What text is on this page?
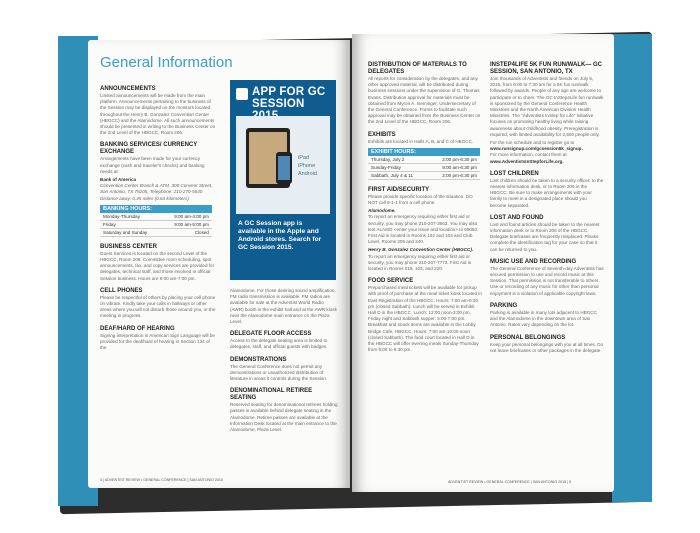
General Information
ANNOUNCEMENTS
Limited announcements will be made from the main platform. Announcements pertaining to the business of the Session may be displayed on the monitors located throughout the Henry B. Gonzalez Convention Center (HBGCC) and the Alamodome. All such announcements should be presented in writing to the Business Center on the 2nd Level of the HBGCC, Room 206.
BANKING SERVICES/ CURRENCY EXCHANGE
Arrangements have been made for your currency exchange (cash and traveler's checks) and banking needs at:
Bank of America
Convention Center Branch & ATM, 300 Convent Street, San Antonio, TX 78205, Telephone: 210-270-5540
Distance away: 0.45 miles (0.64 kilometers)
BANKING HOURS:
Monday-Thursday	9:00 am-4:00 pm
Friday	9:00 am-5:00 pm
Saturday and Sunday	Closed
BUSINESS CENTER
Guest Services is located on the second Level of the HBGCC, Room 206. Committee room scheduling, spot announcements, fax, and copy services are provided for delegates, technical staff, and those involved in official Session business. Hours are 9:00 am-7:00 pm.
CELL PHONES
Please be respectful of others by placing your cell phone on vibrate. Kindly take your calls in hallways or other areas where you will not disturb those around you, or the meeting in progress.
DEAF/HARD OF HEARING
Signing interpretation in American Sign Language will be provided for the deaf/hard of hearing in Section 134 of the
APP FOR GC SESSION
iPad
iPhone
Android
A GC Session app is available in the Apple and Android stores. Search for GC Session 2015.
Alamodome. For those desiring sound amplification, FM radio transmission is available. FM radios are available for sale at the Adventist World Radio (AWR) booth in the exhibit hall and at the AWR kiosk near the Alamodome main entrance on the Plaza Level.
DELEGATE FLOOR ACCESS
Access to the delegate seating area is limited to delegates, staff, and official guests with badges.
DEMONSTRATIONS
The General Conference does not permit any demonstrations or unauthorized distribution of literature in areas it controls during the Session.
DENOMINATIONAL RETIREE SEATING
Reserved seating for denominational retirees holding passes is available behind delegate seating in the Alamodome. Retiree passes are available at the Information Desk located at the main entrance to the Alamodome, Plaza Level.
4 | ADVENTIST REVIEW • GENERAL CONFERENCE | SAN ANTONIO 2015
DISTRIBUTION OF MATERIALS TO DELEGATES
All reports for consideration by the delegates, and any other approved material, will be distributed during business sessions under the supervision of G. Thomas Evans. Distribution approval for materials must be obtained from Myron A. Iseminger, Undersecretary of the General Conference. Forms to facilitate such approval may be obtained from the Business Center on the 2nd Level of the HBGCC, Room 206.
EXHIBITS
Exhibits are located in Halls A, B, and C of HBGCC.
EXHIBIT HOURS:
Thursday, July 2	2:00 pm-6:30 pm
Sunday-Friday	9:00 am-6:30 pm
Sabbath, July 4 & 11	2:00 pm-6:30 pm
FIRST AID/SECURITY
Please provide specific location of the situation. DO NOT call 9-1-1 from a cell phone.
Alamodome.
To report an emergency requiring either first aid or security, you may phone 210-207-3663. You may also text ALAMO <enter your issue and location> to 69050. First Aid is located in Rooms 102 and 104 and Club Level, Rooms 205 and 240.
Henry B. Gonzalez Convention Center (HBGCC).
To report an emergency requiring either first aid or security, you may phone 210-207-7773. First Aid is located in Rooms 019, 103, and 220.
FOOD SERVICE
Prepurchased meal tickets will be available for pickup with proof of purchase at the meal ticket kiosk located in East Registration of the HBGCC. Hours: 7:00 am-6:30 pm (closed Sabbath). Lunch will be served in Exhibit Hall D in the HBGCC. Lunch: 12:00 noon-3:00 pm, Friday night and Sabbath supper: 5:00-7:00 pm. Breakfast and snack items are available in the Lobby Bridge Cafe, HBGCC. Hours: 7:00 am-10:00 noon (closed Sabbath). The food court located in Hall D in the HBGCC will offer evening meals Sunday-Thursday from 5:00 to 6:30 pm.
INSTEP4LIFE 5K FUN RUN/WALK— GC SESSION, SAN ANTONIO, TX
Join thousands of Adventists and friends on July 5, 2015, from 6:00 to 7:30 am for a 5K fun run/walk followed by awards. People of any age are welcome to participate or to cheer. The GC InStep4Life fun run/walk is sponsored by the General Conference Health Ministries and the North American Division Health Ministries. The "Adventists InStep for Life" initiative focuses on promoting healthy living while raising awareness about childhood obesity. Preregistration is required, with limited availability for 2,500 people only.
For the run schedule and to register go to
www.runsignup.com/gcsession5k_signup.
For more information, contact them at
www.AdventistsInStepforLife.org.
LOST CHILDREN
Lost children should be taken to a security officer, to the nearest information desk, or to Room 206 in the HBGCC. Be sure to make arrangements with your family to meet in a designated place should you become separated.
LOST AND FOUND
Lost and found articles should be taken to the nearest information desk or to Room 206 of the HBGCC. Delegate briefcases are frequently misplaced. Please complete the identification tag for your case so that it can be returned to you.
MUSIC USE AND RECORDING
The General Conference of Seventh-day Adventists has secured permission to use and record music at this Session. That permission is not transferable to others. Use or recording of any music for other than personal enjoyment is a violation of applicable copyright laws.
PARKING
Parking is available in many lots adjacent to HBGCC and the Alamodome in the downtown area of San Antonio. Rates vary depending on the lot.
PERSONAL BELONGINGS
Keep your personal belongings with you at all times. Do not leave briefcases or other packages in the delegate
ADVENTIST REVIEW • GENERAL CONFERENCE | SAN ANTONIO 2015 | 5
